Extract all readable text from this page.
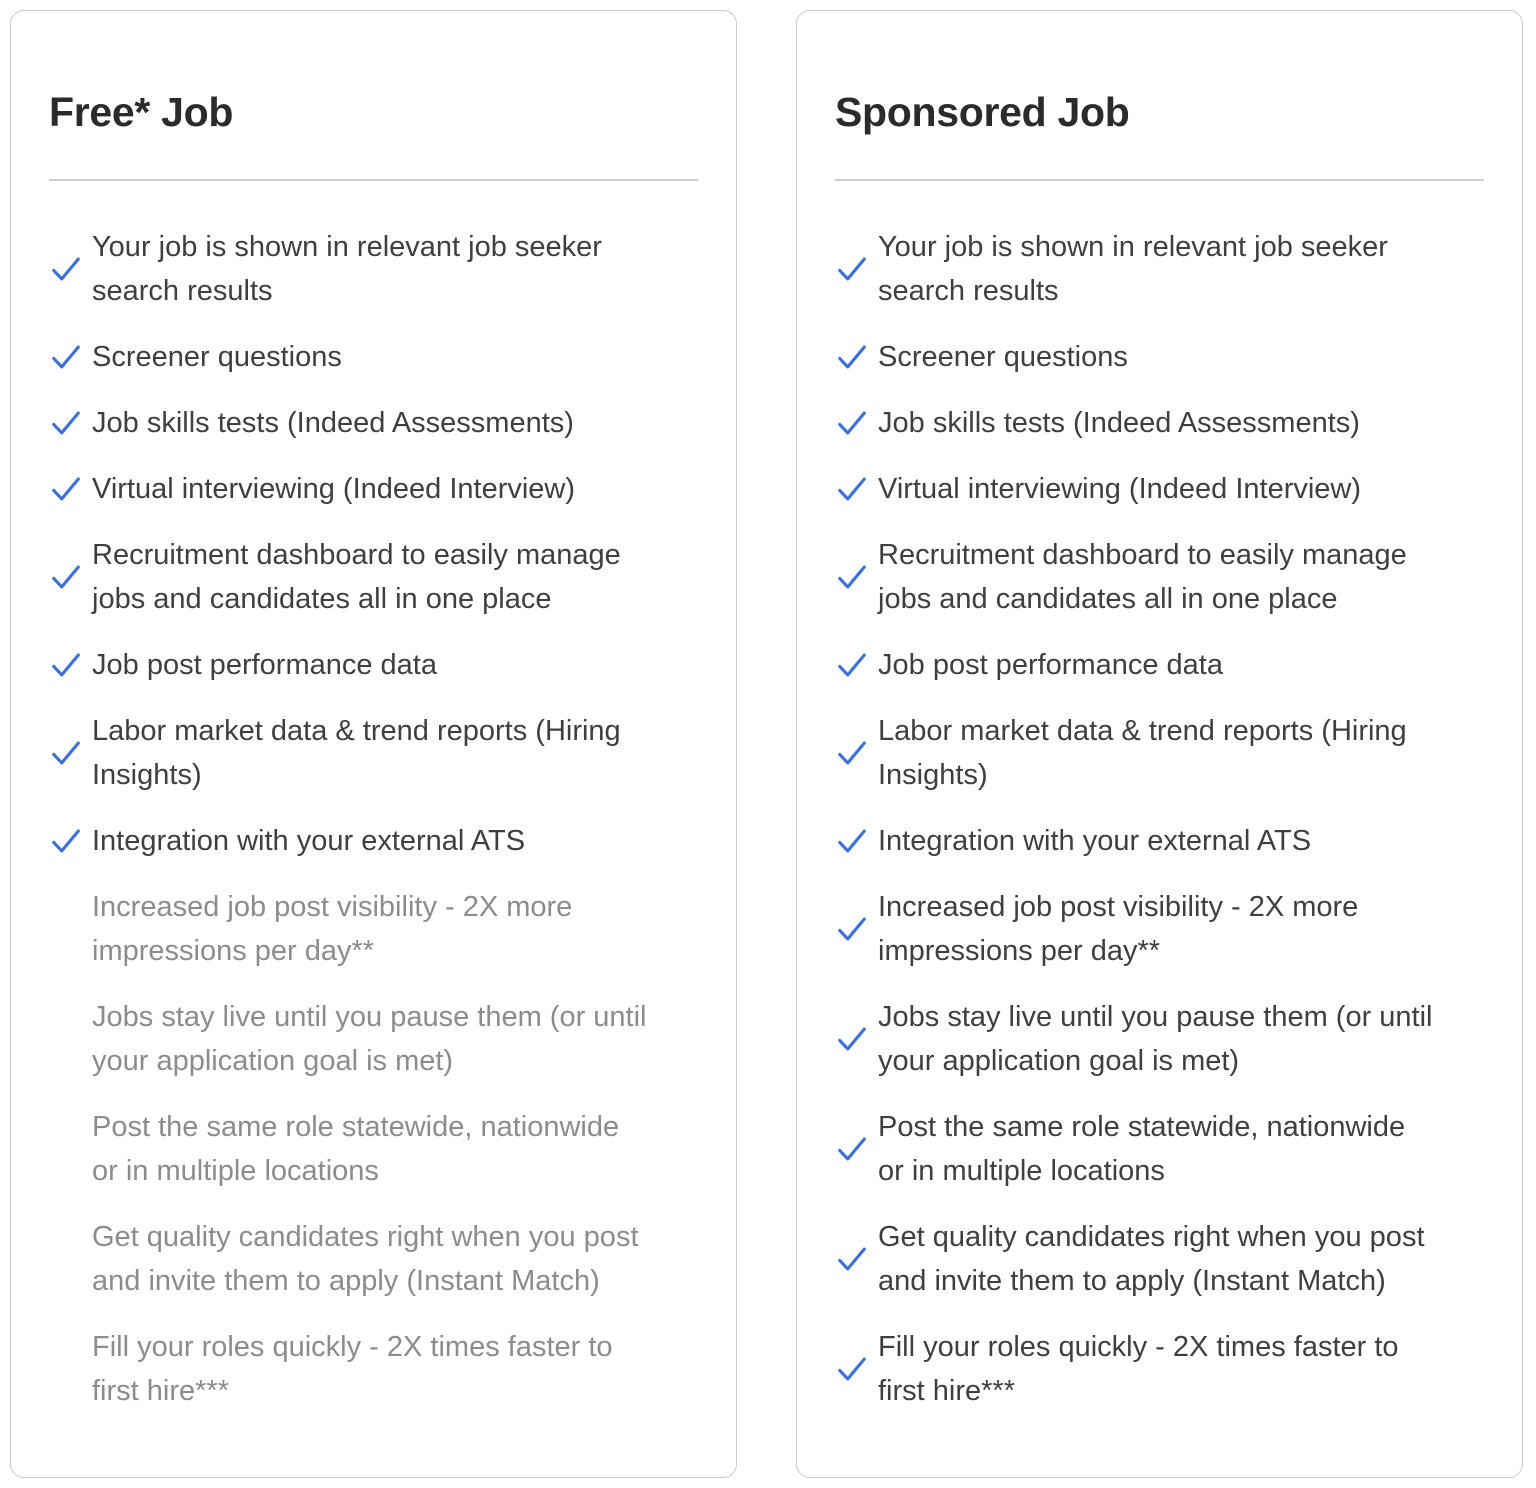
Free* Job
Your job is shown in relevant job seeker search results
Screener questions
Job skills tests (Indeed Assessments)
Virtual interviewing (Indeed Interview)
Recruitment dashboard to easily manage jobs and candidates all in one place
Job post performance data
Labor market data & trend reports (Hiring Insights)
Integration with your external ATS
Increased job post visibility - 2X more impressions per day**
Jobs stay live until you pause them (or until your application goal is met)
Post the same role statewide, nationwide or in multiple locations
Get quality candidates right when you post and invite them to apply (Instant Match)
Fill your roles quickly - 2X times faster to first hire***
Sponsored Job
Your job is shown in relevant job seeker search results
Screener questions
Job skills tests (Indeed Assessments)
Virtual interviewing (Indeed Interview)
Recruitment dashboard to easily manage jobs and candidates all in one place
Job post performance data
Labor market data & trend reports (Hiring Insights)
Integration with your external ATS
Increased job post visibility - 2X more impressions per day**
Jobs stay live until you pause them (or until your application goal is met)
Post the same role statewide, nationwide or in multiple locations
Get quality candidates right when you post and invite them to apply (Instant Match)
Fill your roles quickly - 2X times faster to first hire***
